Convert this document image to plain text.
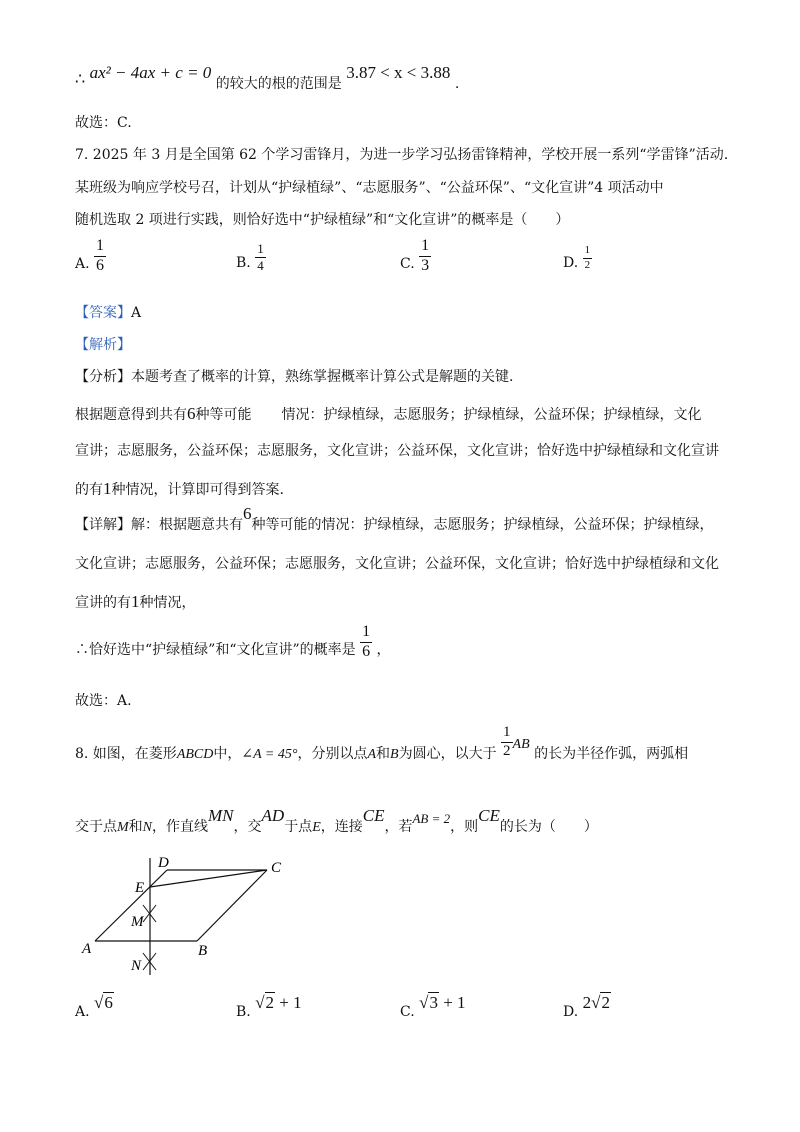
∴ ax² − 4ax + c = 0 的较大的根的范围是 3.87 < x < 3.88 .
故选：C.
7. 2025 年 3 月是全国第 62 个学习雷锋月，为进一步学习弘扬雷锋精神，学校开展一系列“学雷锋”活动.
某班级为响应学校号召，计划从“护绿植绿”、“志愿服务”、“公益环保”、“文化宣讲”4 项活动中
随机选取 2 项进行实践，则恰好选中“护绿植绿”和“文化宣讲”的概率是（　　）
A. $\frac{1}{6}$	B. $\frac{1}{4}$	C. $\frac{1}{3}$	D. $\frac{1}{2}$
【答案】A
【解析】
【分析】本题考查了概率的计算，熟练掌握概率计算公式是解题的关键.
根据题意得到共有6种等可能 情况：护绿植绿，志愿服务；护绿植绿，公益环保；护绿植绿，文化
宣讲；志愿服务，公益环保；志愿服务，文化宣讲；公益环保，文化宣讲；恰好选中护绿植绿和文化宣讲
的有1种情况，计算即可得到答案.
【详解】解：根据题意共有6种等可能的情况：护绿植绿，志愿服务；护绿植绿，公益环保；护绿植绿，
文化宣讲；志愿服务，公益环保；志愿服务，文化宣讲；公益环保，文化宣讲；恰好选中护绿植绿和文化
宣讲的有1种情况，
∴恰好选中“护绿植绿”和“文化宣讲”的概率是 $\frac{1}{6}$ ，
故选：A.
8. 如图，在菱形ABCD中，∠A = 45°，分别以点A和B为圆心，以大于 $\frac{1}{2}$ AB 的长为半径作弧，两弧相
交于点M和N，作直线MN，交AD于点E，连接CE，若AB = 2，则CE的长为（　　）
D	C
E
M
A	B
N
A. √6	B. √2 + 1	C. √3 + 1	D. 2√2
